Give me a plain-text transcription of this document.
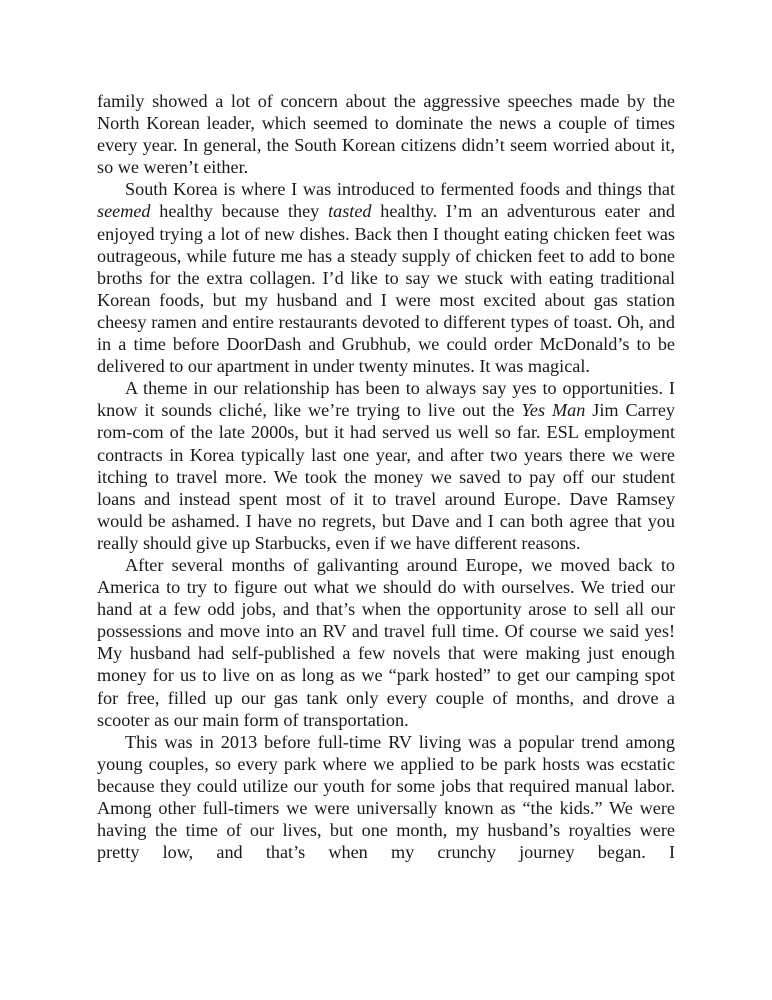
family showed a lot of concern about the aggressive speeches made by the North Korean leader, which seemed to dominate the news a couple of times every year. In general, the South Korean citizens didn’t seem worried about it, so we weren’t either.

South Korea is where I was introduced to fermented foods and things that seemed healthy because they tasted healthy. I’m an adventurous eater and enjoyed trying a lot of new dishes. Back then I thought eating chicken feet was outrageous, while future me has a steady supply of chicken feet to add to bone broths for the extra collagen. I’d like to say we stuck with eating traditional Korean foods, but my husband and I were most excited about gas station cheesy ramen and entire restaurants devoted to different types of toast. Oh, and in a time before DoorDash and Grubhub, we could order McDonald’s to be delivered to our apartment in under twenty minutes. It was magical.

A theme in our relationship has been to always say yes to opportunities. I know it sounds cliché, like we’re trying to live out the Yes Man Jim Carrey rom-com of the late 2000s, but it had served us well so far. ESL employment contracts in Korea typically last one year, and after two years there we were itching to travel more. We took the money we saved to pay off our student loans and instead spent most of it to travel around Europe. Dave Ramsey would be ashamed. I have no regrets, but Dave and I can both agree that you really should give up Starbucks, even if we have different reasons.

After several months of galivanting around Europe, we moved back to America to try to figure out what we should do with ourselves. We tried our hand at a few odd jobs, and that’s when the opportunity arose to sell all our possessions and move into an RV and travel full time. Of course we said yes! My husband had self-published a few novels that were making just enough money for us to live on as long as we “park hosted” to get our camping spot for free, filled up our gas tank only every couple of months, and drove a scooter as our main form of transportation.

This was in 2013 before full-time RV living was a popular trend among young couples, so every park where we applied to be park hosts was ecstatic because they could utilize our youth for some jobs that required manual labor. Among other full-timers we were universally known as “the kids.” We were having the time of our lives, but one month, my husband’s royalties were pretty low, and that’s when my crunchy journey began. I
